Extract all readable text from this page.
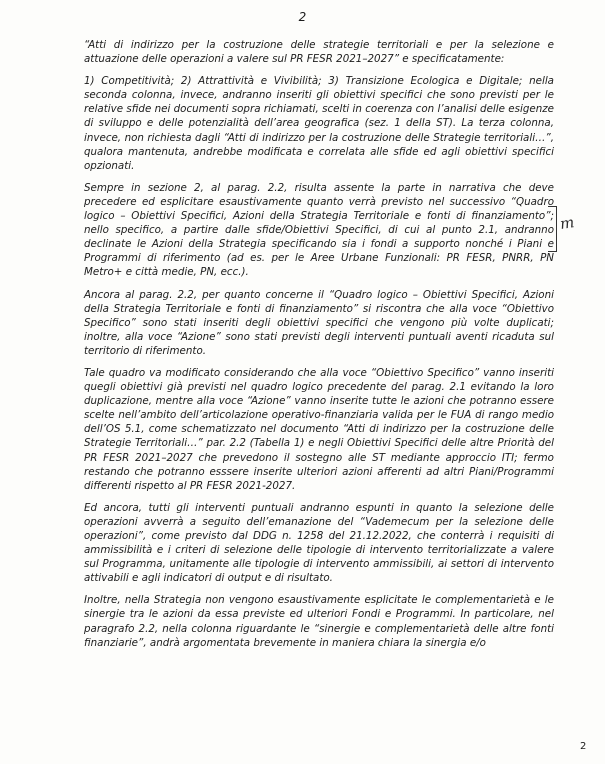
2

“Atti di indirizzo per la costruzione delle strategie territoriali e per la selezione e attuazione delle operazioni a valere sul PR FESR 2021–2027” e specificatamente:

1) Competitività; 2) Attrattività e Vivibilità; 3) Transizione Ecologica e Digitale; nella seconda colonna, invece, andranno inseriti gli obiettivi specifici che sono previsti per le relative sfide nei documenti sopra richiamati, scelti in coerenza con l’analisi delle esigenze di sviluppo e delle potenzialità dell’area geografica (sez. 1 della ST). La terza colonna, invece, non richiesta dagli “Atti di indirizzo per la costruzione delle Strategie territoriali…”, qualora mantenuta, andrebbe modificata e correlata alle sfide ed agli obiettivi specifici opzionati.

Sempre in sezione 2, al parag. 2.2, risulta assente la parte in narrativa che deve precedere ed esplicitare esaustivamente quanto verrà previsto nel successivo “Quadro logico – Obiettivi Specifici, Azioni della Strategia Territoriale e fonti di finanziamento”; nello specifico, a partire dalle sfide/Obiettivi Specifici, di cui al punto 2.1, andranno declinate le Azioni della Strategia specificando sia i fondi a supporto nonché i Piani e Programmi di riferimento (ad es. per le Aree Urbane Funzionali: PR FESR, PNRR, PN Metro+ e città medie, PN, ecc.).

Ancora al parag. 2.2, per quanto concerne il “Quadro logico – Obiettivi Specifici, Azioni della Strategia Territoriale e fonti di finanziamento” si riscontra che alla voce “Obiettivo Specifico” sono stati inseriti degli obiettivi specifici che vengono più volte duplicati; inoltre, alla voce “Azione” sono stati previsti degli interventi puntuali aventi ricaduta sul territorio di riferimento.

Tale quadro va modificato considerando che alla voce “Obiettivo Specifico” vanno inseriti quegli obiettivi già previsti nel quadro logico precedente del parag. 2.1 evitando la loro duplicazione, mentre alla voce “Azione” vanno inserite tutte le azioni che potranno essere scelte nell’ambito dell’articolazione operativo-finanziaria valida per le FUA di rango medio dell’OS 5.1, come schematizzato nel documento “Atti di indirizzo per la costruzione delle Strategie Territoriali…” par. 2.2 (Tabella 1) e negli Obiettivi Specifici delle altre Priorità del PR FESR 2021–2027 che prevedono il sostegno alle ST mediante approccio ITI; fermo restando che potranno esssere inserite ulteriori azioni afferenti ad altri Piani/Programmi differenti rispetto al PR FESR 2021-2027.

Ed ancora, tutti gli interventi puntuali andranno espunti in quanto la selezione delle operazioni avverrà a seguito dell’emanazione del “Vademecum per la selezione delle operazioni”, come previsto dal DDG n. 1258 del 21.12.2022, che conterrà i requisiti di ammissibilità e i criteri di selezione delle tipologie di intervento territorializzate a valere sul Programma, unitamente alle tipologie di intervento ammissibili, ai settori di intervento attivabili e agli indicatori di output e di risultato.

Inoltre, nella Strategia non vengono esaustivamente esplicitate le complementarietà e le sinergie tra le azioni da essa previste ed ulteriori Fondi e Programmi. In particolare, nel paragrafo 2.2, nella colonna riguardante le “sinergie e complementarietà delle altre fonti finanziarie”, andrà argomentata brevemente in maniera chiara la sinergia e/o

m
2
